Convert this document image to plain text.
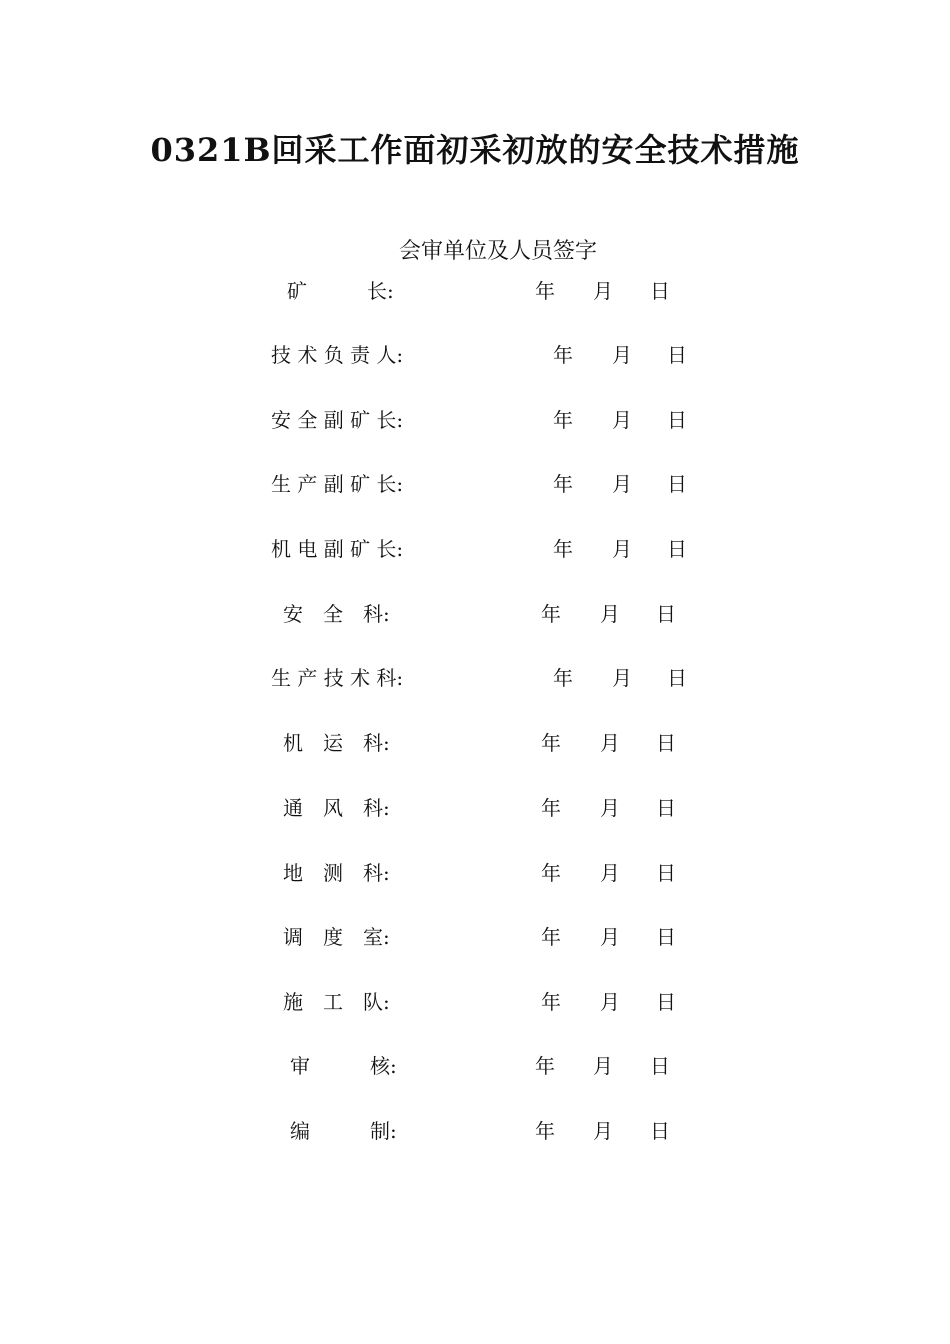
0321B回采工作面初采初放的安全技术措施
会审单位及人员签字
矿　　　长:	年 月 日
技 术 负 责 人:	年 月 日
安 全 副 矿 长:	年 月 日
生 产 副 矿 长:	年 月 日
机 电 副 矿 长:	年 月 日
安　全　科:	年 月 日
生 产 技 术 科:	年 月 日
机　运　科:	年 月 日
通　风　科:	年 月 日
地　测　科:	年 月 日
调　度　室:	年 月 日
施　工　队:	年 月 日
审　　　核:	年 月 日
编　　　制:	年 月 日
